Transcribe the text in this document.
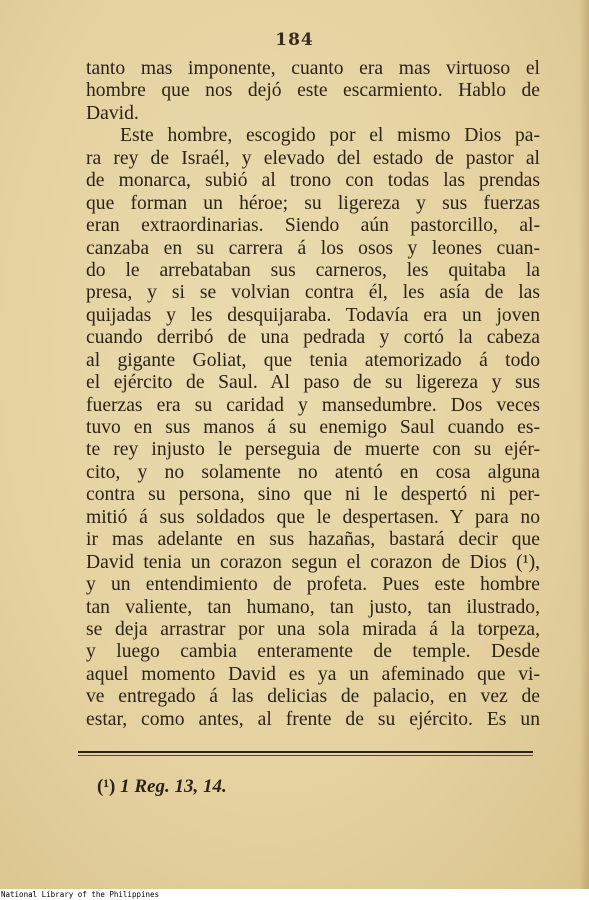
184
tanto mas imponente, cuanto era mas virtuoso el
hombre que nos dejó este escarmiento. Hablo de
David.
Este hombre, escogido por el mismo Dios pa-
ra rey de Israél, y elevado del estado de pastor al
de monarca, subió al trono con todas las prendas
que forman un héroe; su ligereza y sus fuerzas
eran extraordinarias. Siendo aún pastorcillo, al-
canzaba en su carrera á los osos y leones cuan-
do le arrebataban sus carneros, les quitaba la
presa, y si se volvian contra él, les asía de las
quijadas y les desquijaraba. Todavía era un joven
cuando derribó de una pedrada y cortó la cabeza
al gigante Goliat, que tenia atemorizado á todo
el ejército de Saul. Al paso de su ligereza y sus
fuerzas era su caridad y mansedumbre. Dos veces
tuvo en sus manos á su enemigo Saul cuando es-
te rey injusto le perseguia de muerte con su ejér-
cito, y no solamente no atentó en cosa alguna
contra su persona, sino que ni le despertó ni per-
mitió á sus soldados que le despertasen. Y para no
ir mas adelante en sus hazañas, bastará decir que
David tenia un corazon segun el corazon de Dios (¹),
y un entendimiento de profeta. Pues este hombre
tan valiente, tan humano, tan justo, tan ilustrado,
se deja arrastrar por una sola mirada á la torpeza,
y luego cambia enteramente de temple. Desde
aquel momento David es ya un afeminado que vi-
ve entregado á las delicias de palacio, en vez de
estar, como antes, al frente de su ejército. Es un
(¹) 1 Reg. 13, 14.
National Library of the Philippines
